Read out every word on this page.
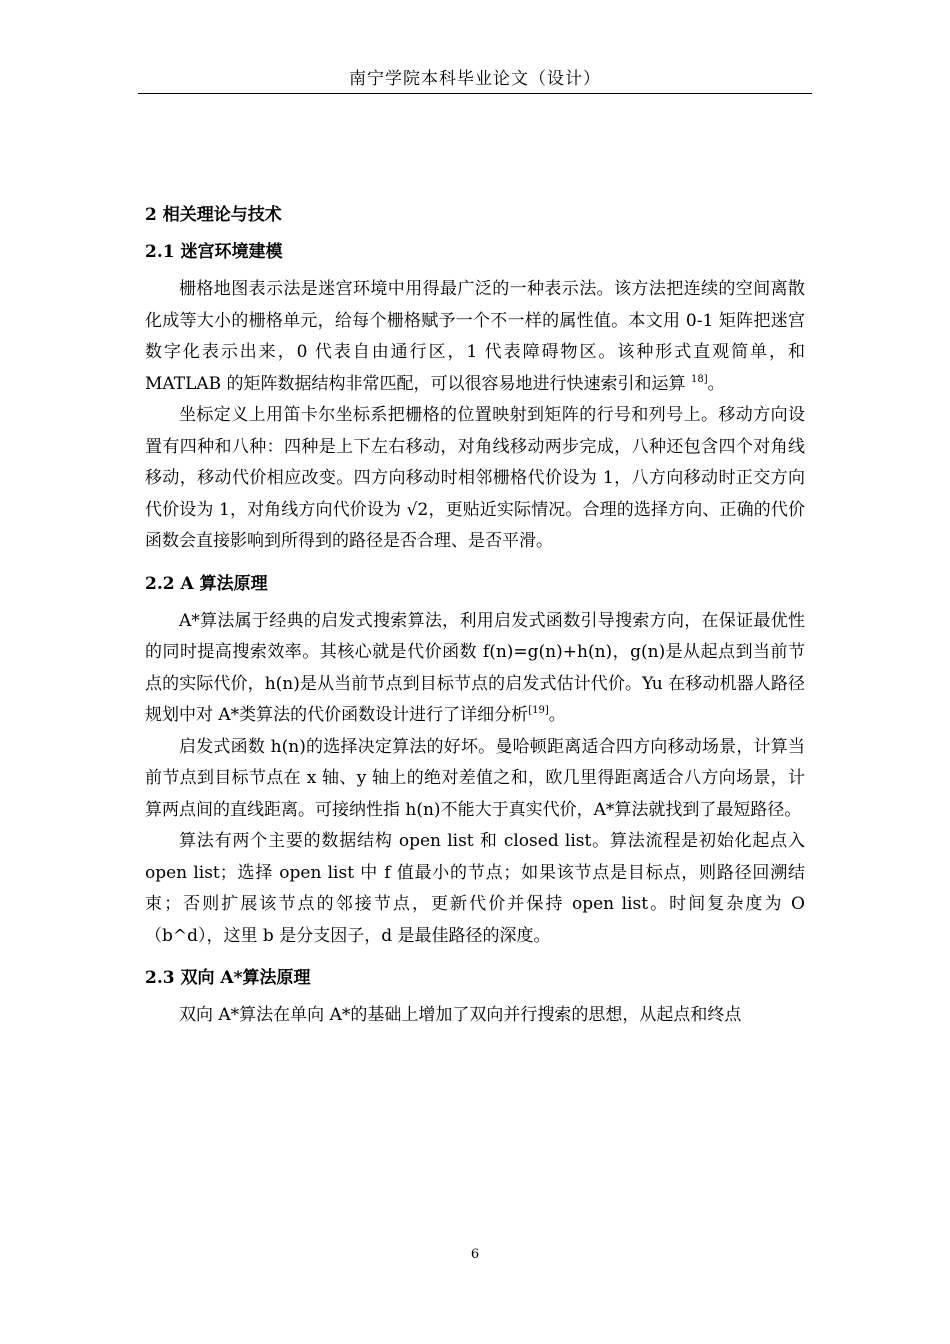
南宁学院本科毕业论文（设计）

2 相关理论与技术

2.1 迷宫环境建模

栅格地图表示法是迷宫环境中用得最广泛的一种表示法。该方法把连续的空间离散化成等大小的栅格单元，给每个栅格赋予一个不一样的属性值。本文用 0-1 矩阵把迷宫数字化表示出来，0 代表自由通行区，1 代表障碍物区。该种形式直观简单，和 MATLAB 的矩阵数据结构非常匹配，可以很容易地进行快速索引和运算 $^{18]}$。

坐标定义上用笛卡尔坐标系把栅格的位置映射到矩阵的行号和列号上。移动方向设置有四种和八种：四种是上下左右移动，对角线移动两步完成，八种还包含四个对角线移动，移动代价相应改变。四方向移动时相邻栅格代价设为 1，八方向移动时正交方向代价设为 1，对角线方向代价设为 √2，更贴近实际情况。合理的选择方向、正确的代价函数会直接影响到所得到的路径是否合理、是否平滑。

2.2 A 算法原理

A*算法属于经典的启发式搜索算法，利用启发式函数引导搜索方向，在保证最优性的同时提高搜索效率。其核心就是代价函数 f(n)=g(n)+h(n)，g(n)是从起点到当前节点的实际代价，h(n)是从当前节点到目标节点的启发式估计代价。Yu 在移动机器人路径规划中对 A*类算法的代价函数设计进行了详细分析[19]。

启发式函数 h(n)的选择决定算法的好坏。曼哈顿距离适合四方向移动场景，计算当前节点到目标节点在 x 轴、y 轴上的绝对差值之和，欧几里得距离适合八方向场景，计算两点间的直线距离。可接纳性指 h(n)不能大于真实代价，A*算法就找到了最短路径。

算法有两个主要的数据结构 open list 和 closed list。算法流程是初始化起点入 open list；选择 open list 中 f 值最小的节点；如果该节点是目标点，则路径回溯结束；否则扩展该节点的邻接节点，更新代价并保持 open list。时间复杂度为 O（b^d），这里 b 是分支因子，d 是最佳路径的深度。

2.3 双向 A*算法原理

双向 A*算法在单向 A*的基础上增加了双向并行搜索的思想，从起点和终点

6
